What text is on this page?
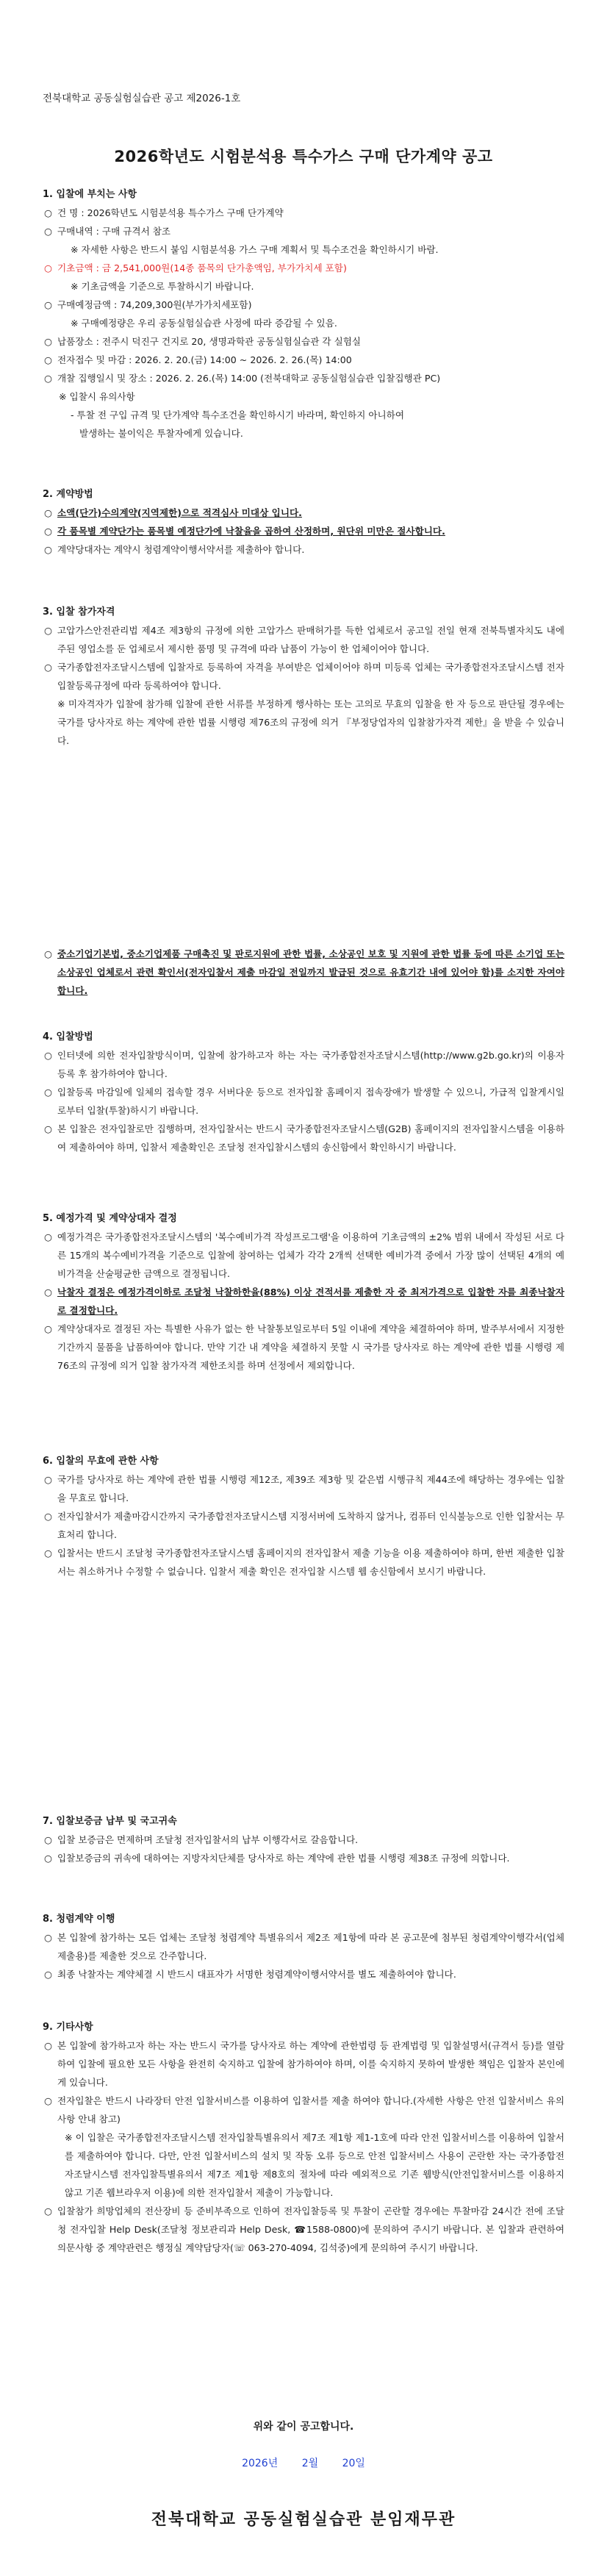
전북대학교 공동실험실습관 공고 제2026-1호
2026학년도 시험분석용 특수가스 구매 단가계약 공고
1. 입찰에 부치는 사항
○ 건 명 : 2026학년도 시험분석용 특수가스 구매 단가계약
○ 구매내역 : 구매 규격서 참조
※ 자세한 사항은 반드시 붙임 시험분석용 가스 구매 계획서 및 특수조건을 확인하시기 바람.
○ 기초금액 : 금 2,541,000원(14종 품목의 단가총액임, 부가가치세 포함)
※ 기초금액을 기준으로 투찰하시기 바랍니다.
○ 구매예정금액 : 74,209,300원(부가가치세포함)
※ 구매예정량은 우리 공동실험실습관 사정에 따라 증감될 수 있음.
○ 납품장소 : 전주시 덕진구 건지로 20, 생명과학관 공동실험실습관 각 실험실
○ 전자접수 및 마감 : 2026. 2. 20.(금) 14:00 ~ 2026. 2. 26.(목) 14:00
○ 개찰 집행일시 및 장소 : 2026. 2. 26.(목) 14:00 (전북대학교 공동실험실습관 입찰집행관 PC)
※ 입찰시 유의사항
- 투찰 전 구입 규격 및 단가계약 특수조건을 확인하시기 바라며, 확인하지 아니하여
발생하는 불이익은 투찰자에게 있습니다.
2. 계약방법
○ 소액(단가)수의계약(지역제한)으로 적격심사 미대상 입니다.
○ 각 품목별 계약단가는 품목별 예정단가에 낙찰율을 곱하여 산정하며, 원단위 미만은 절사합니다.
○ 계약당대자는 계약시 청렴계약이행서약서를 제출하야 합니다.
3. 입찰 참가자격
○ 고압가스안전관리법 제4조 제3항의 규정에 의한 고압가스 판매허가를 득한 업체로서 공고일 전일 현재 전북특별자치도 내에 주된 영업소를 둔 업체로서 제시한 품명 및 규격에 따라 납품이 가능이 한 업체이어야 합니다.
○ 국가종합전자조달시스템에 입찰자로 등록하여 자격을 부여받은 업체이어야 하며 미등록 업체는 국가종합전자조달시스템 전자입찰등록규정에 따라 등록하여야 합니다.
※ 미자격자가 입찰에 참가해 입찰에 관한 서류를 부정하게 행사하는 또는 고의로 무효의 입찰을 한 자 등으로 판단될 경우에는 국가를 당사자로 하는 계약에 관한 법률 시행령 제76조의 규정에 의거 『부정당업자의 입찰참가자격 제한』을 받을 수 있습니다.
○ 중소기업기본법, 중소기업제품 구매촉진 및 판로지원에 관한 법률, 소상공인 보호 및 지원에 관한 법률 등에 따른 소기업 또는 소상공인 업체로서 관련 확인서(전자입찰서 제출 마감일 전일까지 발급된 것으로 유효기간 내에 있어야 함)를 소지한 자여야 합니다.
4. 입찰방법
○ 인터넷에 의한 전자입찰방식이며, 입찰에 참가하고자 하는 자는 국가종합전자조달시스템(http://www.g2b.go.kr)의 이용자 등록 후 참가하여야 합니다.
○ 입찰등록 마감일에 일체의 접속할 경우 서버다운 등으로 전자입찰 홈페이지 접속장애가 발생할 수 있으니, 가급적 입찰게시일로부터 입찰(투찰)하시기 바랍니다.
○ 본 입찰은 전자입찰로만 집행하며, 전자입찰서는 반드시 국가종합전자조달시스템(G2B) 홈페이지의 전자입찰시스템을 이용하여 제출하여야 하며, 입찰서 제출확인은 조달청 전자입찰시스템의 송신함에서 확인하시기 바랍니다.
5. 예정가격 및 계약상대자 결정
○ 예정가격은 국가종합전자조달시스템의 '복수예비가격 작성프로그램'을 이용하여 기초금액의 ±2% 범위 내에서 작성된 서로 다른 15개의 복수예비가격을 기준으로 입찰에 참여하는 업체가 각각 2개씩 선택한 예비가격 중에서 가장 많이 선택된 4개의 예비가격을 산술평균한 금액으로 결정됩니다.
○ 낙찰자 결정은 예정가격이하로 조달청 낙찰하한율(88%) 이상 견적서를 제출한 자 중 최저가격으로 입찰한 자를 최종낙찰자로 결정합니다.
○ 계약상대자로 결정된 자는 특별한 사유가 없는 한 낙찰통보일로부터 5일 이내에 계약을 체결하여야 하며, 발주부서에서 지정한 기간까지 물품을 납품하여야 합니다. 만약 기간 내 계약을 체결하지 못할 시 국가를 당사자로 하는 계약에 관한 법률 시행령 제76조의 규정에 의거 입찰 참가자격 제한조치를 하며 선정에서 제외합니다.
6. 입찰의 무효에 관한 사항
○ 국가를 당사자로 하는 계약에 관한 법률 시행령 제12조, 제39조 제3항 및 같은법 시행규칙 제44조에 해당하는 경우에는 입찰을 무효로 합니다.
○ 전자입찰서가 제출마감시간까지 국가종합전자조달시스템 지정서버에 도착하지 않거나, 컴퓨터 인식불능으로 인한 입찰서는 무효처리 합니다.
○ 입찰서는 반드시 조달청 국가종합전자조달시스템 홈페이지의 전자입찰서 제출 기능을 이용 제출하여야 하며, 한번 제출한 입찰서는 취소하거나 수정할 수 없습니다. 입찰서 제출 확인은 전자입찰 시스템 웹 송신함에서 보시기 바랍니다.
7. 입찰보증금 납부 및 국고귀속
○ 입찰 보증금은 면제하며 조달청 전자입찰서의 납부 이행각서로 갈음합니다.
○ 입찰보증금의 귀속에 대하여는 지방자치단체를 당사자로 하는 계약에 관한 법률 시행령 제38조 규정에 의합니다.
8. 청렴계약 이행
○ 본 입찰에 참가하는 모든 업체는 조달청 청렴계약 특별유의서 제2조 제1항에 따라 본 공고문에 첨부된 청렴계약이행각서(업체제출용)를 제출한 것으로 간주합니다.
○ 최종 낙찰자는 계약체결 시 반드시 대표자가 서명한 청렴계약이행서약서를 별도 제출하여야 합니다.
9. 기타사항
○ 본 입찰에 참가하고자 하는 자는 반드시 국가를 당사자로 하는 계약에 관한법령 등 관계법령 및 입찰설명서(규격서 등)를 열람하여 입찰에 필요한 모든 사항을 완전히 숙지하고 입찰에 참가하여야 하며, 이를 숙지하지 못하여 발생한 책임은 입찰자 본인에게 있습니다.
○ 전자입찰은 반드시 나라장터 안전 입찰서비스를 이용하여 입찰서를 제출 하여야 합니다.(자세한 사항은 안전 입찰서비스 유의사항 안내 참고)
※ 이 입찰은 국가종합전자조달시스템 전자입찰특별유의서 제7조 제1항 제1-1호에 따라 안전 입찰서비스를 이용하여 입찰서를 제출하여야 합니다. 다만, 안전 입찰서비스의 설치 및 작동 오류 등으로 안전 입찰서비스 사용이 곤란한 자는 국가종합전자조달시스템 전자입찰특별유의서 제7조 제1항 제8호의 절차에 따라 예외적으로 기존 웹방식(안전입찰서비스를 이용하지 않고 기존 웹브라우저 이용)에 의한 전자입찰서 제출이 가능합니다.
○ 입찰참가 희망업체의 전산장비 등 준비부족으로 인하여 전자입찰등록 및 투찰이 곤란할 경우에는 투찰마감 24시간 전에 조달청 전자입찰 Help Desk(조달청 정보관리과 Help Desk, ☎1588-0800)에 문의하여 주시기 바랍니다. 본 입찰과 관련하여 의문사항 중 계약관련은 행정실 계약담당자(☏ 063-270-4094, 김석중)에게 문의하여 주시기 바랍니다.
위와 같이 공고합니다.
2026년 2월 20일
전북대학교 공동실험실습관 분임재무관
